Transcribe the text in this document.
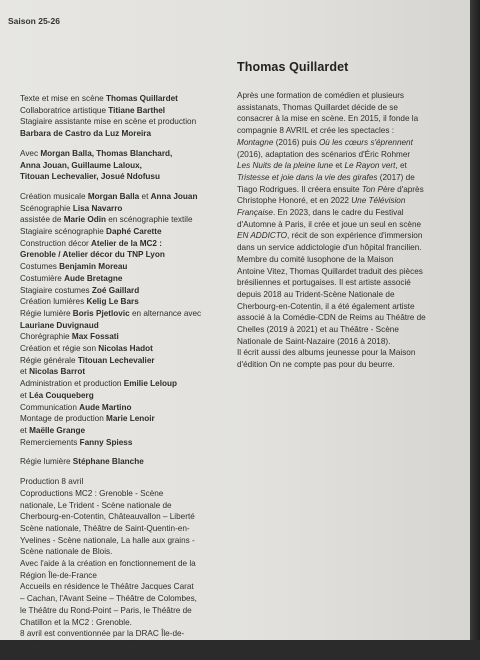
Saison 25-26

Texte et mise en scène Thomas Quillardet
Collaboratrice artistique Titiane Barthel
Stagiaire assistante mise en scène et production
Barbara de Castro da Luz Moreira

Avec Morgan Balla, Thomas Blanchard,
Anna Jouan, Guillaume Laloux,
Titouan Lechevalier, Josué Ndofusu

Création musicale Morgan Balla et Anna Jouan
Scénographie Lisa Navarro
assistée de Marie Odin en scénographie textile
Stagiaire scénographie Daphé Carette
Construction décor Atelier de la MC2 :
Grenoble / Atelier décor du TNP Lyon
Costumes Benjamin Moreau
Costumière Aude Bretagne
Stagiaire costumes Zoé Gaillard
Création lumières Kelig Le Bars
Régie lumière Boris Pjetlovic en alternance avec
Lauriane Duvignaud
Chorégraphie Max Fossati
Création et régie son Nicolas Hadot
Régie générale Titouan Lechevalier
et Nicolas Barrot
Administration et production Emilie Leloup
et Léa Couqueberg
Communication Aude Martino
Montage de production Marie Lenoir
et Maëlle Grange
Remerciements Fanny Spiess

Régie lumière Stéphane Blanche

Production 8 avril
Coproductions MC2 : Grenoble - Scène
nationale, Le Trident - Scène nationale de
Cherbourg-en-Cotentin, Châteauvallon – Liberté
Scène nationale, Théâtre de Saint-Quentin-en-
Yvelines - Scène nationale, La halle aux grains -
Scène nationale de Blois.
Avec l'aide à la création en fonctionnement de la
Région Île-de-France
Accueils en résidence le Théâtre Jacques Carat
– Cachan, l'Avant Seine – Théâtre de Colombes,
le Théâtre du Rond-Point – Paris, le Théâtre de
Chatillon et la MC2 : Grenoble.
8 avril est conventionnée par la DRAC Île-de-
France – Ministère de la Culture.

Thomas Quillardet

Après une formation de comédien et plusieurs
assistanats, Thomas Quillardet décide de se
consacrer à la mise en scène. En 2015, il fonde la
compagnie 8 AVRIL et crée les spectacles :
Montagne (2016) puis Où les cœurs s'éprennent
(2016), adaptation des scénarios d'Éric Rohmer
Les Nuits de la pleine lune et Le Rayon vert, et
Tristesse et joie dans la vie des girafes (2017) de
Tiago Rodrigues. Il créera ensuite Ton Père d'après
Christophe Honoré, et en 2022 Une Télévision
Française. En 2023, dans le cadre du Festival
d'Automne à Paris, il crée et joue un seul en scène
EN ADDICTO, récit de son expérience d'immersion
dans un service addictologie d'un hôpital francilien.
Membre du comité lusophone de la Maison
Antoine Vitez, Thomas Quillardet traduit des pièces
brésiliennes et portugaises. Il est artiste associé
depuis 2018 au Trident-Scène Nationale de
Cherbourg-en-Cotentin, il a été également artiste
associé à la Comédie-CDN de Reims au Théâtre de
Chelles (2019 à 2021) et au Théâtre - Scène
Nationale de Saint-Nazaire (2016 à 2018).
Il écrit aussi des albums jeunesse pour la Maison
d'édition On ne compte pas pour du beurre.
